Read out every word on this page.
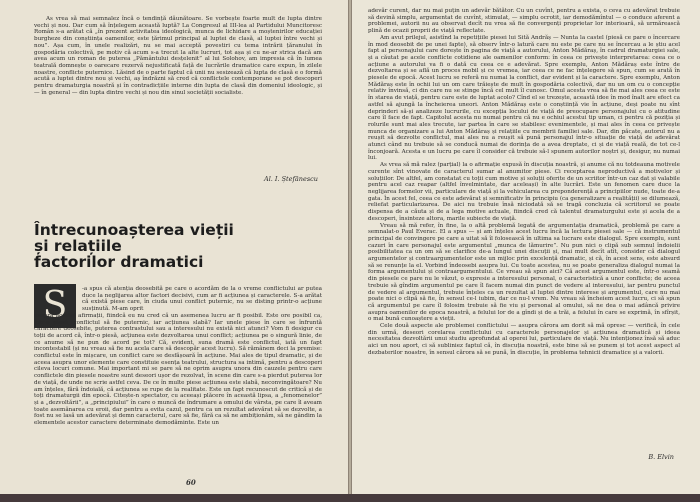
As vrea să mai semnalez încă o tendință dăunătoare. Se vorbește foarte mult de lupta dintre vechi și nou. Dar cum să înțelegem această luptă? La Congresul al III-lea al Partidului Muncitoresc Român s-a arătat că „în prezent activitatea ideologică, munca de lichidare a moștenirilor educației burgheze din conștiința oamenilor, este țărimul principal al luptei de clasă, al luptei între vechi și nou”. Așa cum, în unele realizări, nu se mai acceptă povestiri cu tema intrării țăranului în gospodăria colectivă, pe motiv că acum s-a trecut la alte lucruri, tot așa și cu ne-ar strica dacă am avea acum un roman de puterea „Pământului desțelenit” al lui Solohov, am impresia că în lumea teatrală domnește o oarecare rezervă nejustificată față de lucrările dramatice care expun, în zilele noastre, conflicte puternice. Lăsind de o parte faptul că unii nu sesizează că lupta de clasă e o formă acută a luptei dintre nou și vechi, aș îndrăzni să cred că conflictele contemporane se pot descoperi pentru dramaturgia noastră și în contradicțiile interne din lupta de clasă din domeniul ideologic, și — în general — din lupta dintre vechi și nou din sinul societății socialiste.

Al. I. Ștefănescu
Întrecunoașterea vieții
și relațiile
factorilor dramatici
S	-a spus că atenția deosebită pe care o acordăm de la o vreme conflictului ar putea duce la neglijarea altor factori decisivi, cum ar fi acțiunea și caracterele. S-a arătat că există piese care, în ciuda unui conflict puternic, nu se disting printr-o acțiune susținută. M-am oprit

asupra acestei afirmații, fiindcă eu nu cred că un asemenea lucru ar fi posibil. Este ore posibil ca, într-o piesă, conflictul să fie puternic, iar acțiunea slabă? Iar unele piese în care se înfruntă caractere deosebite, puterea contrastului sau a interesului nu există nici atunci? Vom fi desigur cu toții de acord că, într-o piesă, acțiunea este dezvoltarea unui conflict; acțiunea pe o singură linie, de ce anume să ne pun de acord pe tot? Că, evident, suna dramă este conflictul, iată un fapt incontestabil (și nu vreau să fie nu acela care să descopăr acest lucru). Să rămânem deci la premise: conflictul este în mișcare, un conflict care se desfășoară în acțiune. Mai ales de tipul dramatic, și de aceea asupra unor elemente care constituie esența teatrului, structura sa intimă, pentru a descoperi cileva locuri comune. Mai important mi se pare să ne oprim asupra unora din cauzele pentru care conflictele din piesele noastre sunt deseori ușor de rezolvat, în scene din care s-a pierdut puterea lor de viață, de unde ne scrie astfel ceva. De ce în multe piese acțiunea este slabă, neconvingătoare? Nu am înțeles, fără îndoială, că acțiunea se rupe de la realitate. Este un fapt recunoscut de critică și de toți dramaturgii din epocă. Citește-n spectator, cu aceeași plăcere în această lipsa, a „fenomenelor” și a „dezvoltării”, a „principiului” în care o muncă de îndrumare a omului de vârsta, pe care îl aveam toate asemănarea cu eroii, dar pentru a evita cazul, pentru ca un rezultat adevărat să se dezvolte, a fost nu se lasă un adevărat și demn caracterul, care să fie, fără ca să ne ambiționăm, să ne gândim la elementele acestor caractere determinate demodăminte. Este un

60

adevăr curent, dar nu mai puțin un adevăr bătător. Cu un cuvînt, pentru a exista, o ceva cu adevărat trebuie să devină simplu, argumentat de cuvînt, stimulat, — simplu ocrotit, iar demodămîntul — o conduce aferent a problemei, autorii nu au observat decît nu vrea să fie convergenți proprietar lor interioară, să urmărească plină de ocazii proprii de viață reflectate.

Am avut prilejul, asistînd la repetițiile piesei lui Sită Andrăș — Nunta la castel (piesă ce pare o încercare în mod deosebit de pe unei fapte), să observ într-o latură care nu este pe care nu se încercau a le știu acel fapt al personajului care dorește în pagina de viață a autorului, Anton Mădăraș, în cadrul dramaturgiei sale, și a căutat pe acele conflicte cotidiene ale oamenilor conform: în ceea ce privește interpretarea: ceea ce o acțiune a autorului va fi o dată cu ceea ce e adevărat. Spre exemplu, Anton Mădăraș este între de dezvoltarea și se află un proces mobil și ce vremea, iar ceea ce ne fac înțelegere să spun, cum se arată în piesele de epocă. Acest lucru se referă nu numai la conflict, dar evident și la caractere. Spre exemplu, Anton Mădăraș este în ochii lui un om care trăiește de mult în gospodăria colectivă, dar nu un om cu o concepție relativ învinsă, ci din care nu se stinge încă cel mult îl cunosc. Omul acesta vrea să fie mai ales ceea ce este în starea de viață, pentru care este de luptat acolo? Cînd el se trezește, această idee în mod înalt are efect ca astfel să ajungă la încheierea uneori. Anton Mădăraș este o conștiință vie în acțiune, deși poate nu sînt deprinderi să-și analizeze lucrurile, cu excepția locului de viață de preocupare personajului cu o atitudine care îl face de fapt. Capitolul acesta nu numai pentru că nu e ochiul acestui tip uman, ci pentru că poziția și rolurile sunt mai ales trecute, iar partea în care se stabilesc evenimentele, și mai ales în ceea ce privește munca de organizare a lui Anton Mădăraș și relațiile cu membrii familiei sale. Dar, din păcate, autorul nu a reușit să dezvolte conflictul, mai ales nu a reușit să pună personajul într-o situație de viață de adevărat atunci când nu trebuie să se conducă numai de dorința de a avea dreptate, ci și de viață reală, de tot ce-l înconjoară. Acesta e un lucru pe care îl consider că trebuie să-l spunem autorilor noștri și, desigur, nu numai lui.

As vrea să mă ralez (parțial) la o afirmație expusă în discuția noastră, și anume că nu totdeauna motivele curente sînt vinovate de caracterul sumar al anumitor piese. Ci receptarea neproductivă a motivelor și soluțiilor. De altfel, am constatat cu toții cum motive și soluții oferite de un scriitor într-un caz dat și valabile pentru acel caz reapar (altfel învelmintate, dar aceleași) în alte lucrări. Este un fenomen care duce la neglijarea formelor vii, particulare de viață și la vehicularea cu preponderență a principiilor nude, toate de-a gata. În acest fel, ceea ce este adevărat și semnificativ în principiu (ca generalizare a realității) se dilumează, reliefat particularizarea. De aici nu trebuie însă niciodată să se tragă concluzia că scriitorul se poate dispensa de a căuta și de a lega motive actuale, fiindcă cred că talentul dramaturgului este și acela de a descoperi, însinteze altora, marile subiecte de viață.

Vreau să mă refer, în fine, la o altă problemă legată de argumentația dramatică, problemă pe care a semnalat-o Paul Everac. El a spus — și am înțeles acest lucru încă la lectura piesei sale — că instrumentul principal de convingere pe care a uitat să îl folosească în ultima sa lucrare este dialogul. Spre exemplu, sunt cazuri în care personajul este argumentul „munca de lămurire”. Nu pun nici o clipă sub semnul îndoielii posibilitatea ca un om să se clarifice de-a lungul unei discuții și, mai mult decît atît, consider că dialogul argumentelor și contraargumentelor este un mijloc prin excelență dramatic, și că, în acest sens, este absurd să se renunțe la el. Vorbind îndeosebi asupra lui. Cu toate acestea, nu se poate generaliza dialogul numai la forma argumentului și contraargumentului. Ce vreau să spun aici? Că acest argumentul este, într-o seamă din piesele ce pare nu le văzut, o expresie a interesului personal, o caracteristică a unor conflicte; de aceea trebuie să gîndim argumentul pe care îl facem numai din punct de vedere al interesului, iar pentru punctul de vedere al argumentul, trebuie înțeles ca un rezultat al luptei dintre interese și argumentul, care nu mai poate nici o clipă să fie, în sensul ce-l iubim, dar ce nu-l vrem. Nu vreau să încheiem acest lucru, ci să spun că argumentul pe care îl folosim trebuie să fie viu și personal al omului, să ne dea o mai adâncă privire asupra oamenilor de epoca noastră, a felului lor de a gîndi și de a trăi, a felului în care se exprimă, în sfîrșit, o mai bună cunoaștere a vieții.

Cele două aspecte ale problemei conflictului — asupra cărora am dorit să mă opresc — verifică, în cele din urmă, deseori corelarea conflictului cu caracterele personajelor și acțiunea dramatică și ideea necesitatea dezvoltării unui studiu aprofundat al operei lui, particulare de viață. Nu intenționez însă să aduc aici un nou aport, ci să subliniez faptul că, în discuția noastră, este bine să se punem și tot acest aspect al dezbaterilor noastre, în sensul cărora să se pună, în discuție, în problema tehnicii dramatice și a valorii.

B. Elvin
